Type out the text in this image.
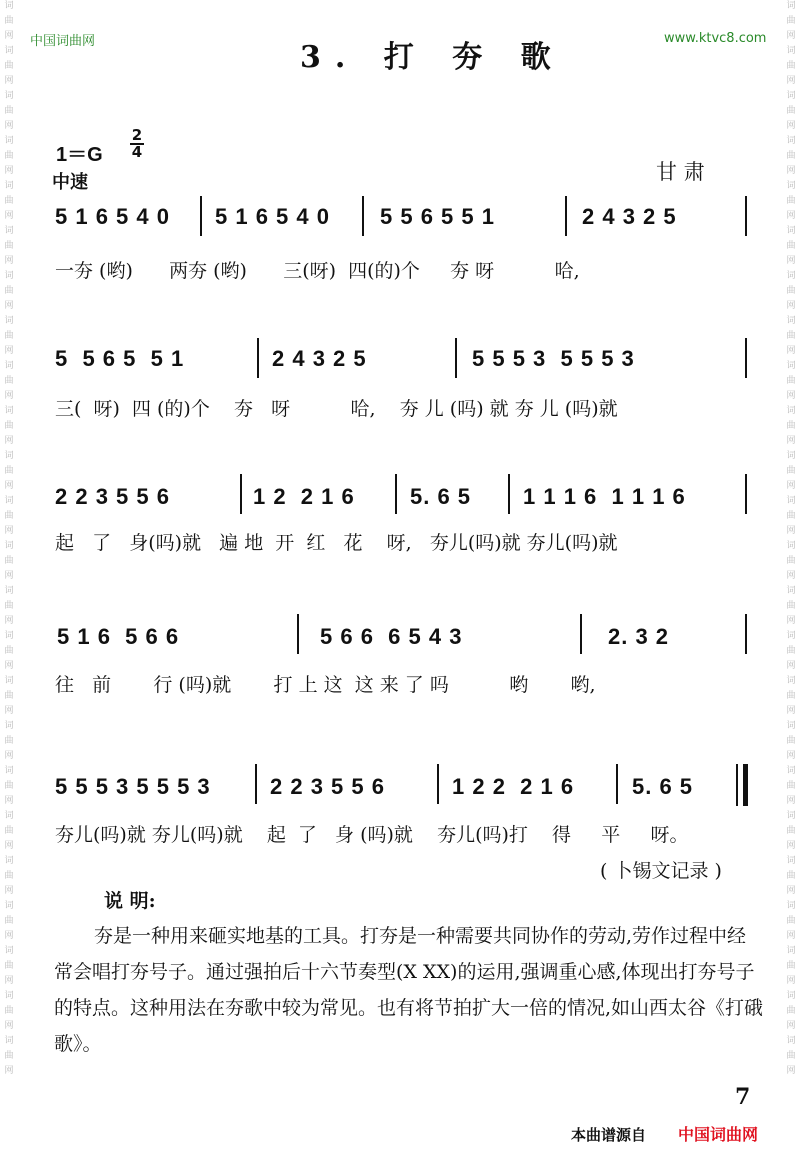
词
曲
网
词
曲
网
词
曲
网
词
曲
网
词
曲
网
词
曲
网
词
曲
网
词
曲
网
词
曲
网
词
曲
网
词
曲
网
词
曲
网
词
曲
网
词
曲
网
词
曲
网
词
曲
网
词
曲
网
词
曲
网
词
曲
网
词
曲
网
词
曲
网
词
曲
网
词
曲
网
词
曲
网
词
曲
网
词
曲
网
词
曲
网
词
曲
网
词
曲
网
词
曲
网
词
曲
网
词
曲
网
词
曲
网
词
曲
网
词
曲
网
词
曲
网
词
曲
网
词
曲
网
词
曲
网
词
曲
网
词
曲
网
词
曲
网
词
曲
网
词
曲
网
词
曲
网
词
曲
网
词
曲
网
词
曲
网
中国词曲网	www.ktvc8.com
3. 打 夯 歌
1＝G
2
4
中速	甘 肃
5 1 6 5 4 0 5 1 6 5 4 0 5 5 6 5 5 1	2 4 3 2 5
一夯 (哟)      两夯 (哟)      三(呀)  四(的)个     夯 呀          哈,
5  5 6 5  5 1	2 4 3 2 5	5 5 5 3  5 5 5 3
三(  呀)  四 (的)个    夯   呀          哈,    夯 儿 (吗) 就 夯 儿 (吗)就
2 2 3 5 5 6	1 2  2 1 6	5. 6 5 1 1 1 6  1 1 1 6
起   了   身(吗)就   遍 地  开  红   花    呀,   夯儿(吗)就 夯儿(吗)就
5 1 6  5 6 6	5 6 6  6 5 4 3	2. 3 2
往   前       行 (吗)就       打 上 这  这 来 了 吗          哟       哟,
5 5 5 3 5 5 5 3	2 2 3 5 5 6	1 2 2  2 1 6	5. 6 5
夯儿(吗)就 夯儿(吗)就    起  了   身 (吗)就    夯儿(吗)打    得     平     呀。
( 卜锡文记录 )
说 明:
夯是一种用来砸实地基的工具。打夯是一种需要共同协作的劳动,劳作过程中经常会唱打夯号子。通过强拍后十六节奏型(X XX)的运用,强调重心感,体现出打夯号子的特点。这种用法在夯歌中较为常见。也有将节拍扩大一倍的情况,如山西太谷《打硪歌》。
7
本曲谱源自 中国词曲网
